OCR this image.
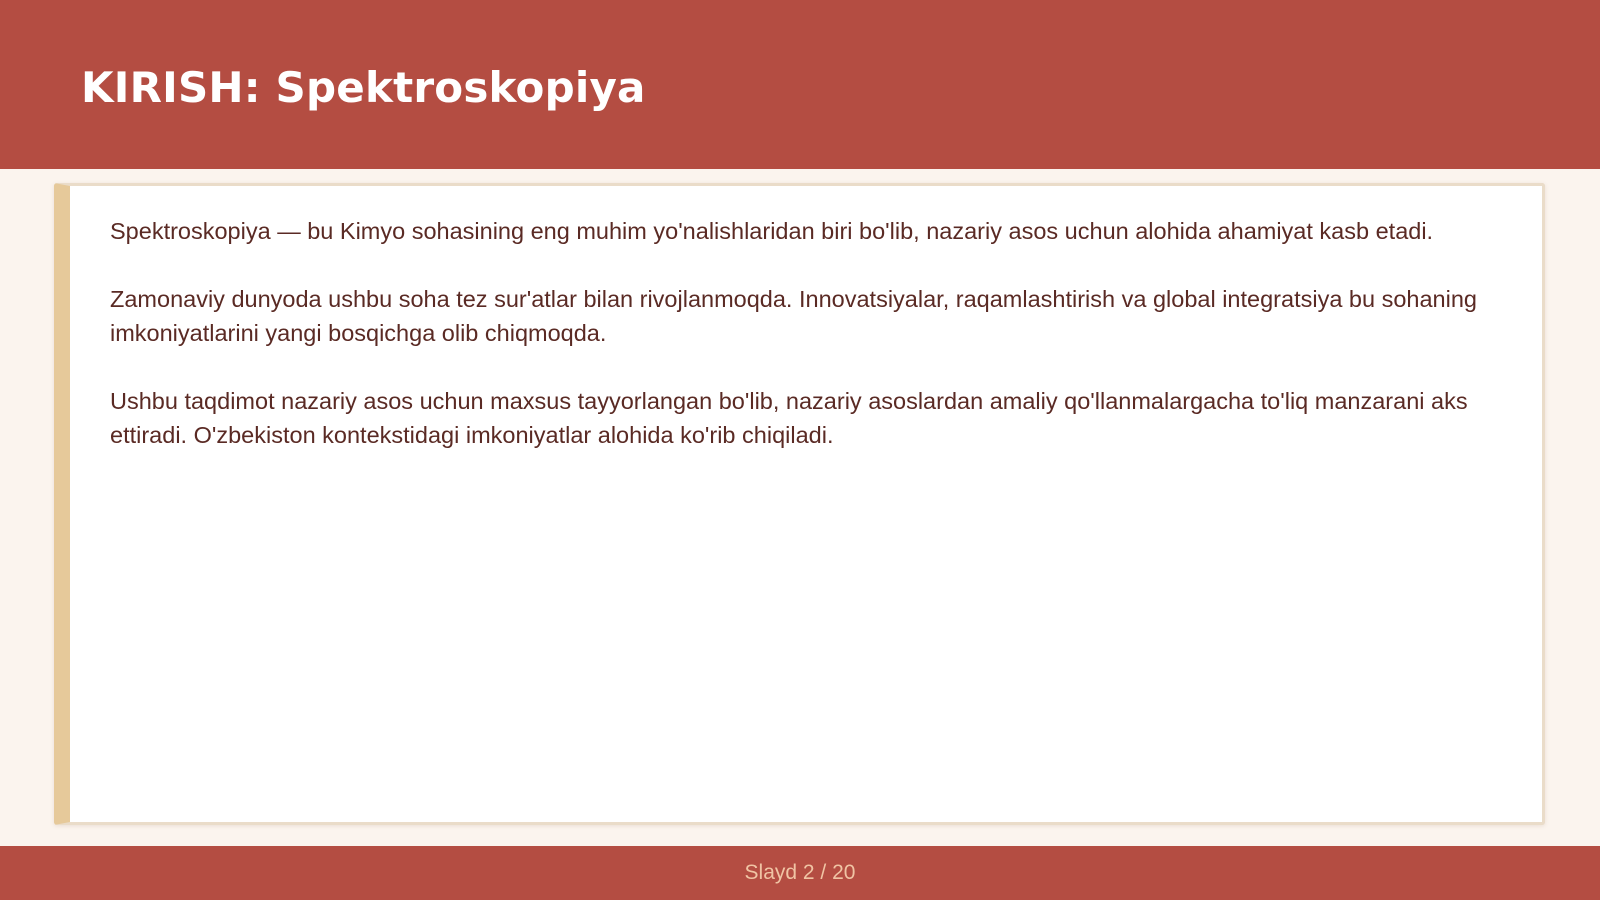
KIRISH: Spektroskopiya

Spektroskopiya — bu Kimyo sohasining eng muhim yo'nalishlaridan biri bo'lib, nazariy asos uchun alohida ahamiyat kasb etadi.

Zamonaviy dunyoda ushbu soha tez sur'atlar bilan rivojlanmoqda. Innovatsiyalar, raqamlashtirish va global integratsiya bu sohaning imkoniyatlarini yangi bosqichga olib chiqmoqda.

Ushbu taqdimot nazariy asos uchun maxsus tayyorlangan bo'lib, nazariy asoslardan amaliy qo'llanmalargacha to'liq manzarani aks ettiradi. O'zbekiston kontekstidagi imkoniyatlar alohida ko'rib chiqiladi.

Slayd 2 / 20
